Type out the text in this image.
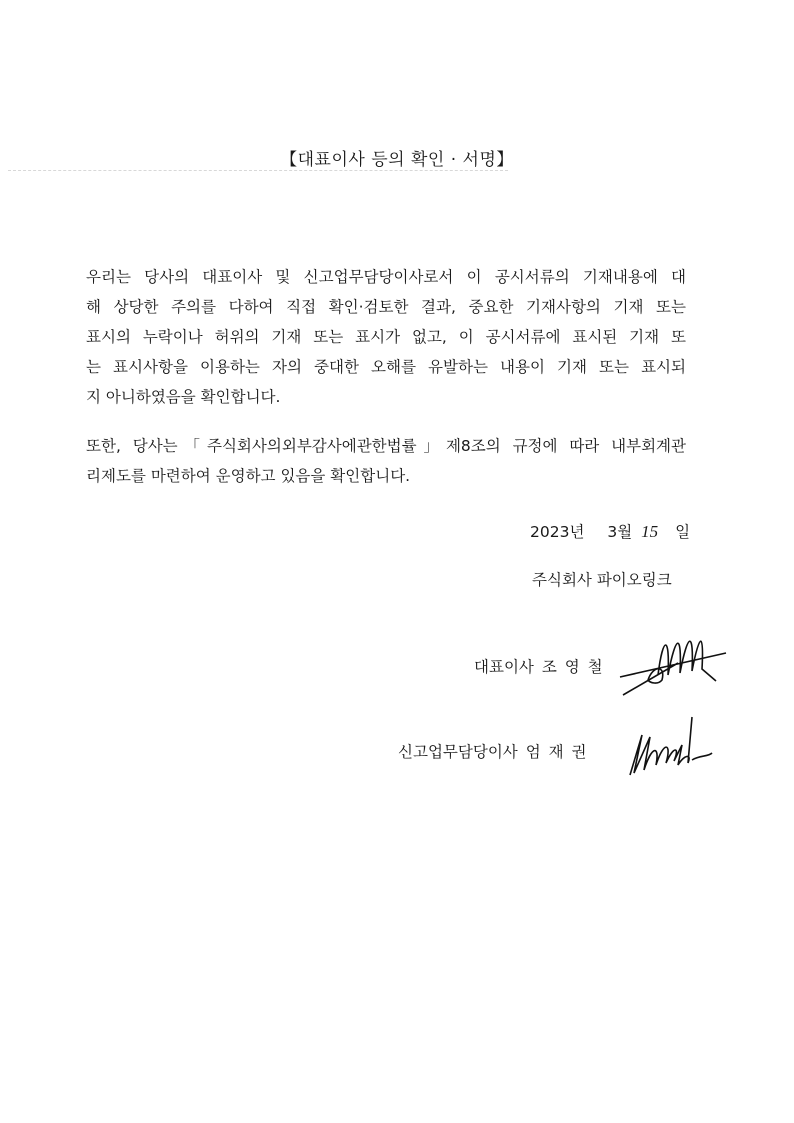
【대표이사 등의 확인 · 서명】
우리는 당사의 대표이사 및 신고업무담당이사로서 이 공시서류의 기재내용에 대
해 상당한 주의를 다하여 직접 확인·검토한 결과, 중요한 기재사항의 기재 또는
표시의 누락이나 허위의 기재 또는 표시가 없고, 이 공시서류에 표시된 기재 또
는 표시사항을 이용하는 자의 중대한 오해를 유발하는 내용이 기재 또는 표시되
지 아니하였음을 확인합니다.
또한, 당사는「주식회사의외부감사에관한법률」제8조의 규정에 따라 내부회계관
리제도를 마련하여 운영하고 있음을 확인합니다.
2023년 3월 15 일
주식회사 파이오링크
대표이사 조 영 철
신고업무담당이사 엄 재 권
